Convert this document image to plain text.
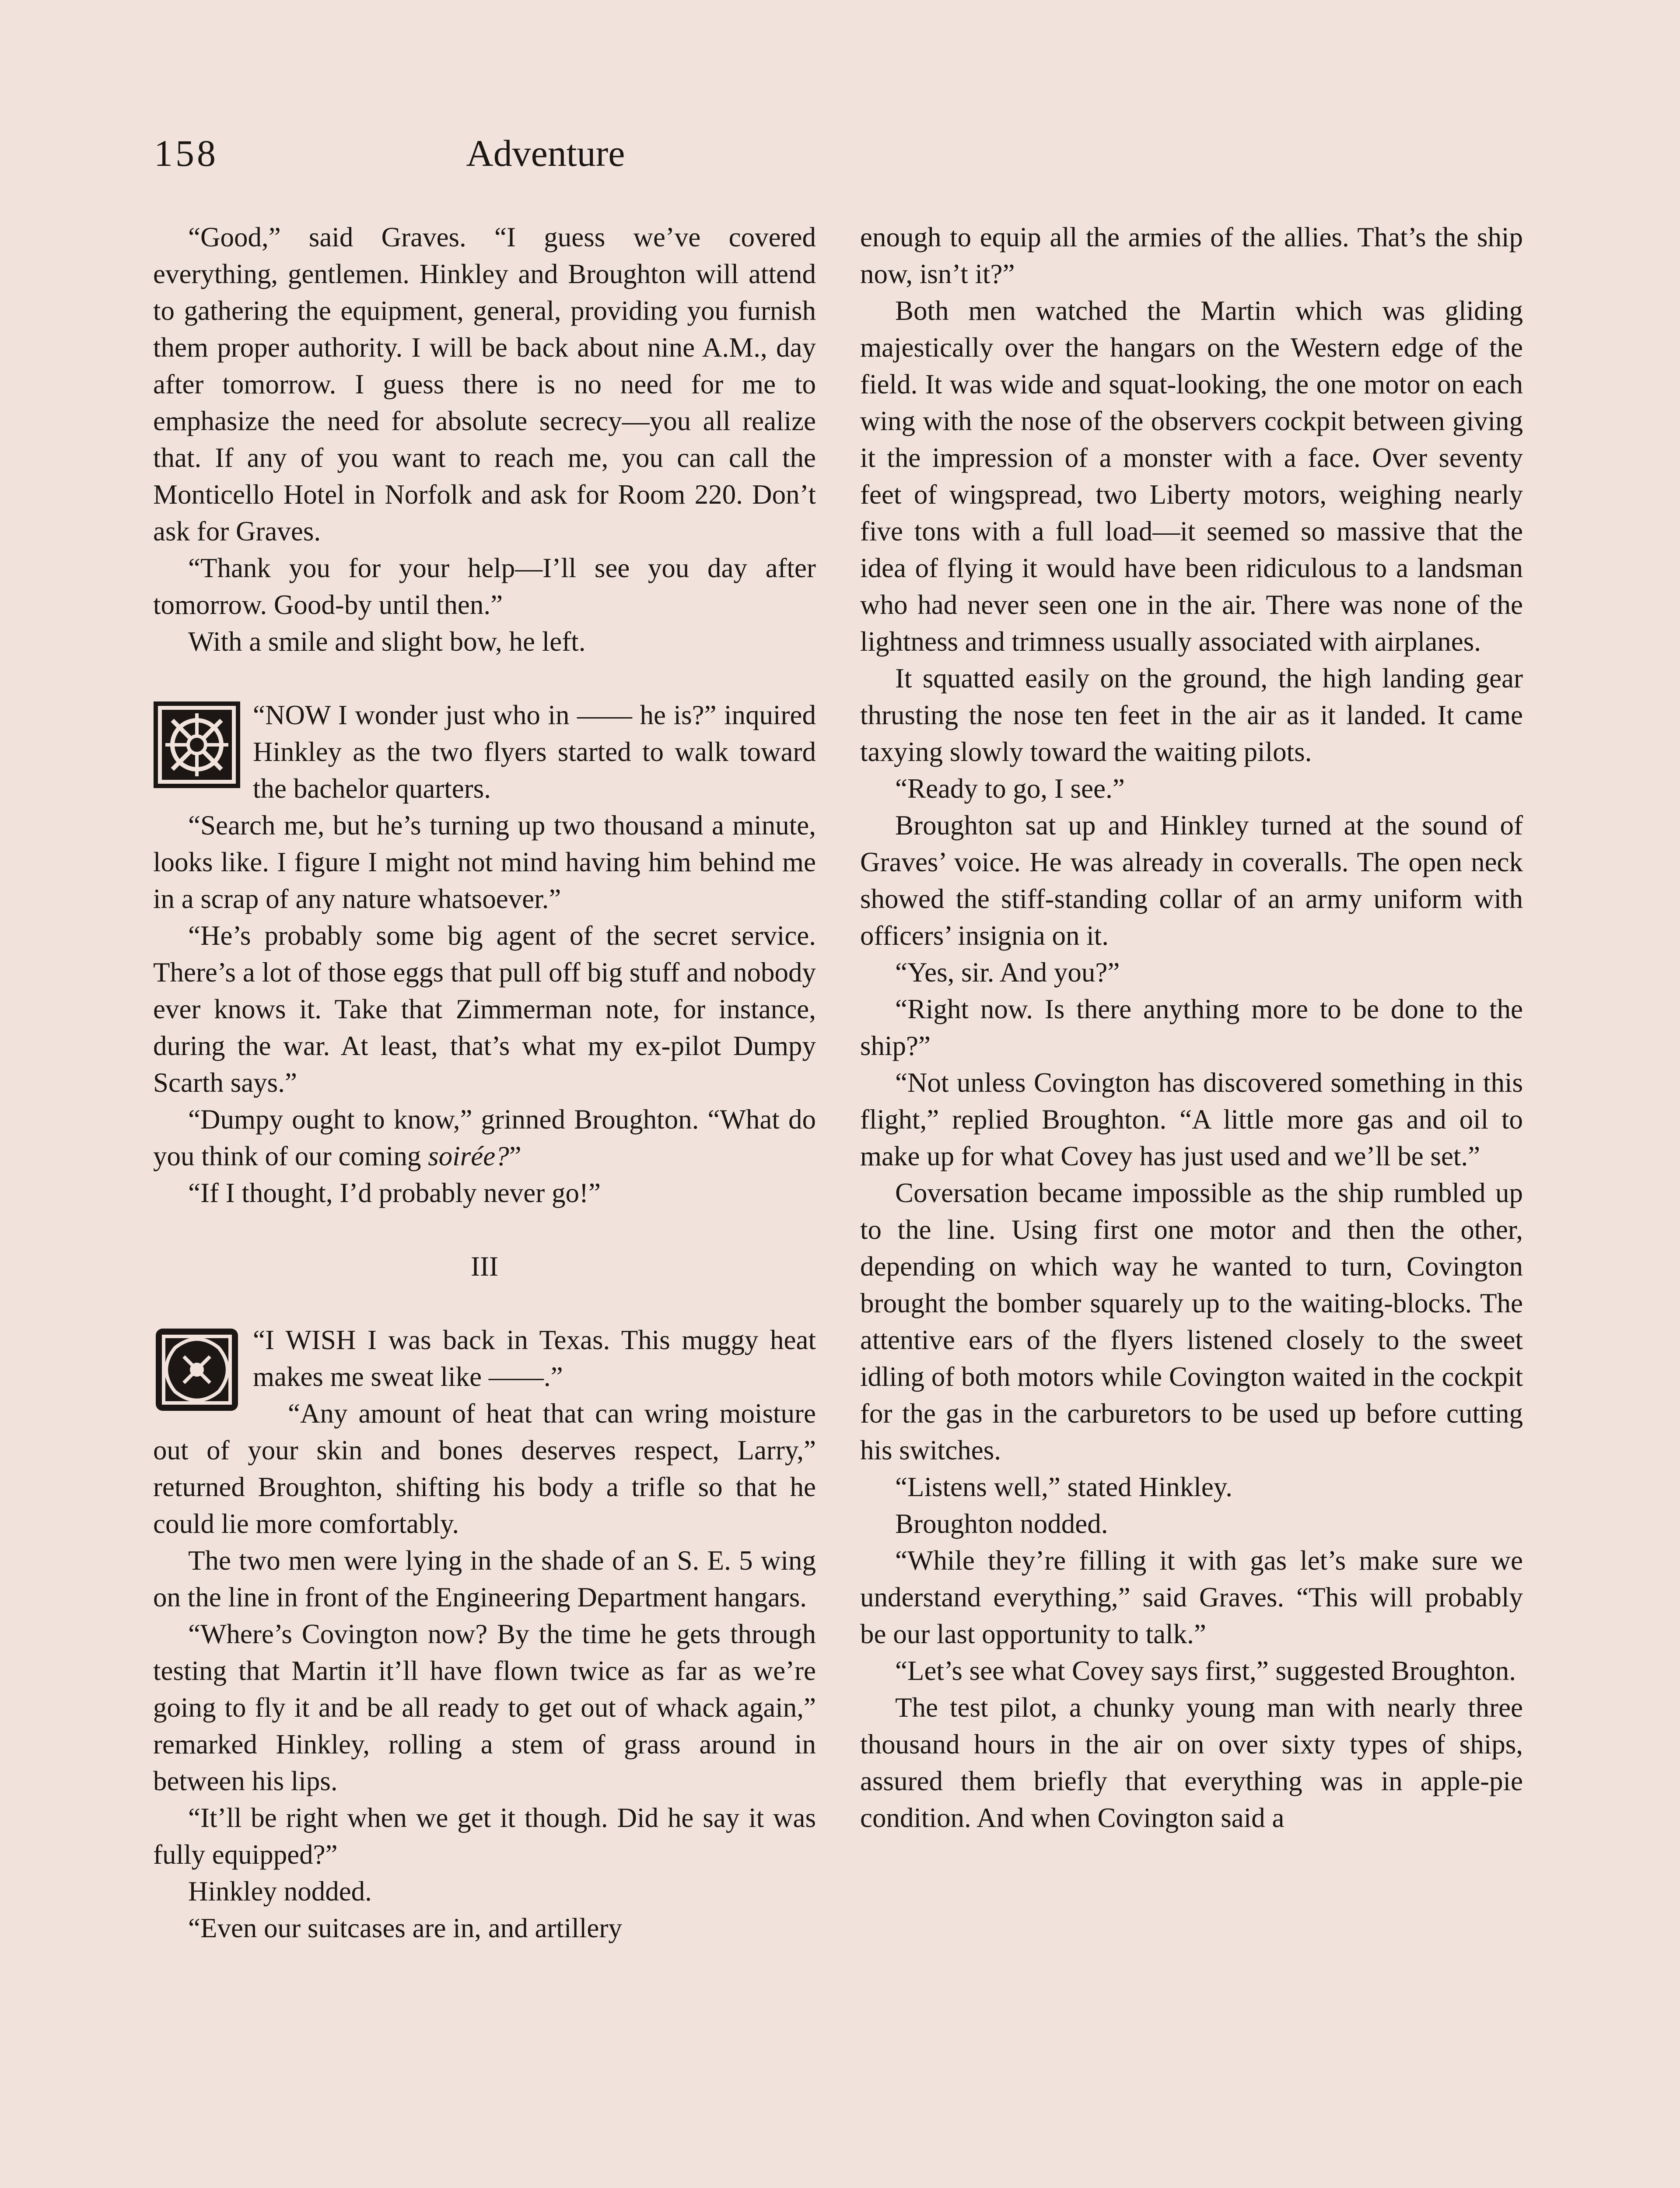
158	Adventure

“Good,” said Graves. “I guess we’ve covered everything, gentlemen. Hinkley and Broughton will attend to gathering the equipment, general, providing you furnish them proper authority. I will be back about nine A.M., day after tomorrow. I guess there is no need for me to emphasize the need for absolute secrecy—you all realize that. If any of you want to reach me, you can call the Monticello Hotel in Norfolk and ask for Room 220. Don’t ask for Graves.

“Thank you for your help—I’ll see you day after tomorrow. Good-by until then.”

With a smile and slight bow, he left.

“NOW I wonder just who in —— he is?” inquired Hinkley as the two flyers started to walk toward the bachelor quarters.

“Search me, but he’s turning up two thousand a minute, looks like. I figure I might not mind having him behind me in a scrap of any nature whatsoever.”

“He’s probably some big agent of the secret service. There’s a lot of those eggs that pull off big stuff and nobody ever knows it. Take that Zimmerman note, for instance, during the war. At least, that’s what my ex-pilot Dumpy Scarth says.”

“Dumpy ought to know,” grinned Broughton. “What do you think of our coming soirée?”

“If I thought, I’d probably never go!”

III

“I WISH I was back in Texas. This muggy heat makes me sweat like ——.”

“Any amount of heat that can wring moisture out of your skin and bones deserves respect, Larry,” returned Broughton, shifting his body a trifle so that he could lie more comfortably.

The two men were lying in the shade of an S. E. 5 wing on the line in front of the Engineering Department hangars.

“Where’s Covington now? By the time he gets through testing that Martin it’ll have flown twice as far as we’re going to fly it and be all ready to get out of whack again,” remarked Hinkley, rolling a stem of grass around in between his lips.

“It’ll be right when we get it though. Did he say it was fully equipped?”

Hinkley nodded.

“Even our suitcases are in, and artillery

enough to equip all the armies of the allies. That’s the ship now, isn’t it?”

Both men watched the Martin which was gliding majestically over the hangars on the Western edge of the field. It was wide and squat-looking, the one motor on each wing with the nose of the observers cockpit between giving it the impression of a monster with a face. Over seventy feet of wingspread, two Liberty motors, weighing nearly five tons with a full load—it seemed so massive that the idea of flying it would have been ridiculous to a landsman who had never seen one in the air. There was none of the lightness and trimness usually associated with airplanes.

It squatted easily on the ground, the high landing gear thrusting the nose ten feet in the air as it landed. It came taxying slowly toward the waiting pilots.

“Ready to go, I see.”

Broughton sat up and Hinkley turned at the sound of Graves’ voice. He was already in coveralls. The open neck showed the stiff-standing collar of an army uniform with officers’ insignia on it.

“Yes, sir. And you?”

“Right now. Is there anything more to be done to the ship?”

“Not unless Covington has discovered something in this flight,” replied Broughton. “A little more gas and oil to make up for what Covey has just used and we’ll be set.”

Coversation became impossible as the ship rumbled up to the line. Using first one motor and then the other, depending on which way he wanted to turn, Covington brought the bomber squarely up to the waiting-blocks. The attentive ears of the flyers listened closely to the sweet idling of both motors while Covington waited in the cockpit for the gas in the carburetors to be used up before cutting his switches.

“Listens well,” stated Hinkley.

Broughton nodded.

“While they’re filling it with gas let’s make sure we understand everything,” said Graves. “This will probably be our last opportunity to talk.”

“Let’s see what Covey says first,” suggested Broughton.

The test pilot, a chunky young man with nearly three thousand hours in the air on over sixty types of ships, assured them briefly that everything was in apple-pie condition. And when Covington said a
